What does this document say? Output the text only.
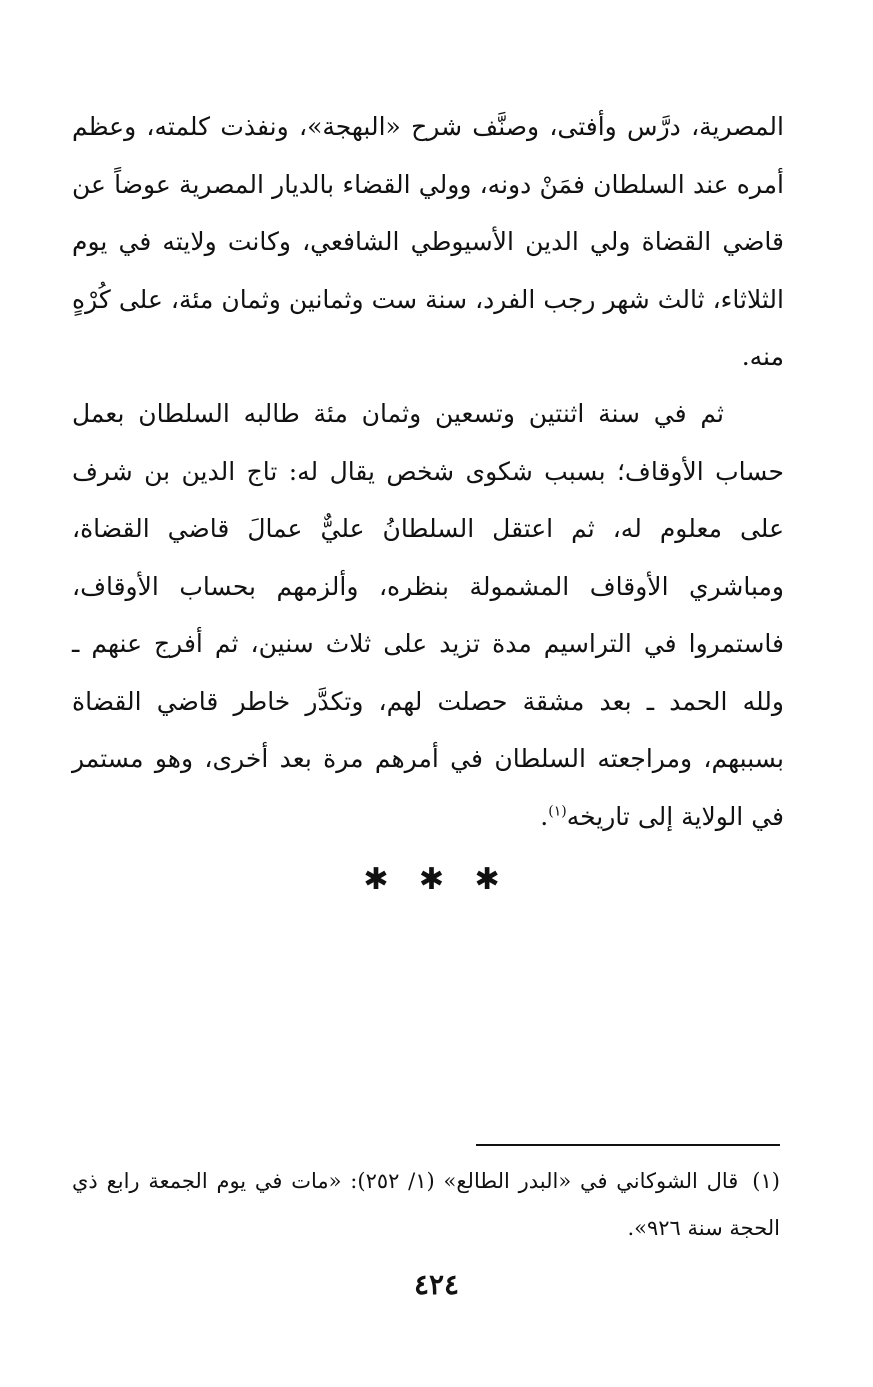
المصرية، درَّس وأفتى، وصنَّف شرح «البهجة»، ونفذت كلمته، وعظم أمره عند السلطان فمَنْ دونه، وولي القضاء بالديار المصرية عوضاً عن قاضي القضاة ولي الدين الأسيوطي الشافعي، وكانت ولايته في يوم الثلاثاء، ثالث شهر رجب الفرد، سنة ست وثمانين وثمان مئة، على كُرْهٍ منه.

ثم في سنة اثنتين وتسعين وثمان مئة طالبه السلطان بعمل حساب الأوقاف؛ بسبب شكوى شخص يقال له: تاج الدين بن شرف على معلوم له، ثم اعتقل السلطانُ عليٌّ عمالَ قاضي القضاة، ومباشري الأوقاف المشمولة بنظره، وألزمهم بحساب الأوقاف، فاستمروا في التراسيم مدة تزيد على ثلاث سنين، ثم أفرج عنهم ـ ولله الحمد ـ بعد مشقة حصلت لهم، وتكدَّر خاطر قاضي القضاة بسببهم، ومراجعته السلطان في أمرهم مرة بعد أخرى، وهو مستمر في الولاية إلى تاريخه$^{(١)}$.

✱ ✱ ✱

(١)قال الشوكاني في «البدر الطالع» (١/ ٢٥٢): «مات في يوم الجمعة رابع ذي الحجة سنة ٩٢٦».

٤٢٤
